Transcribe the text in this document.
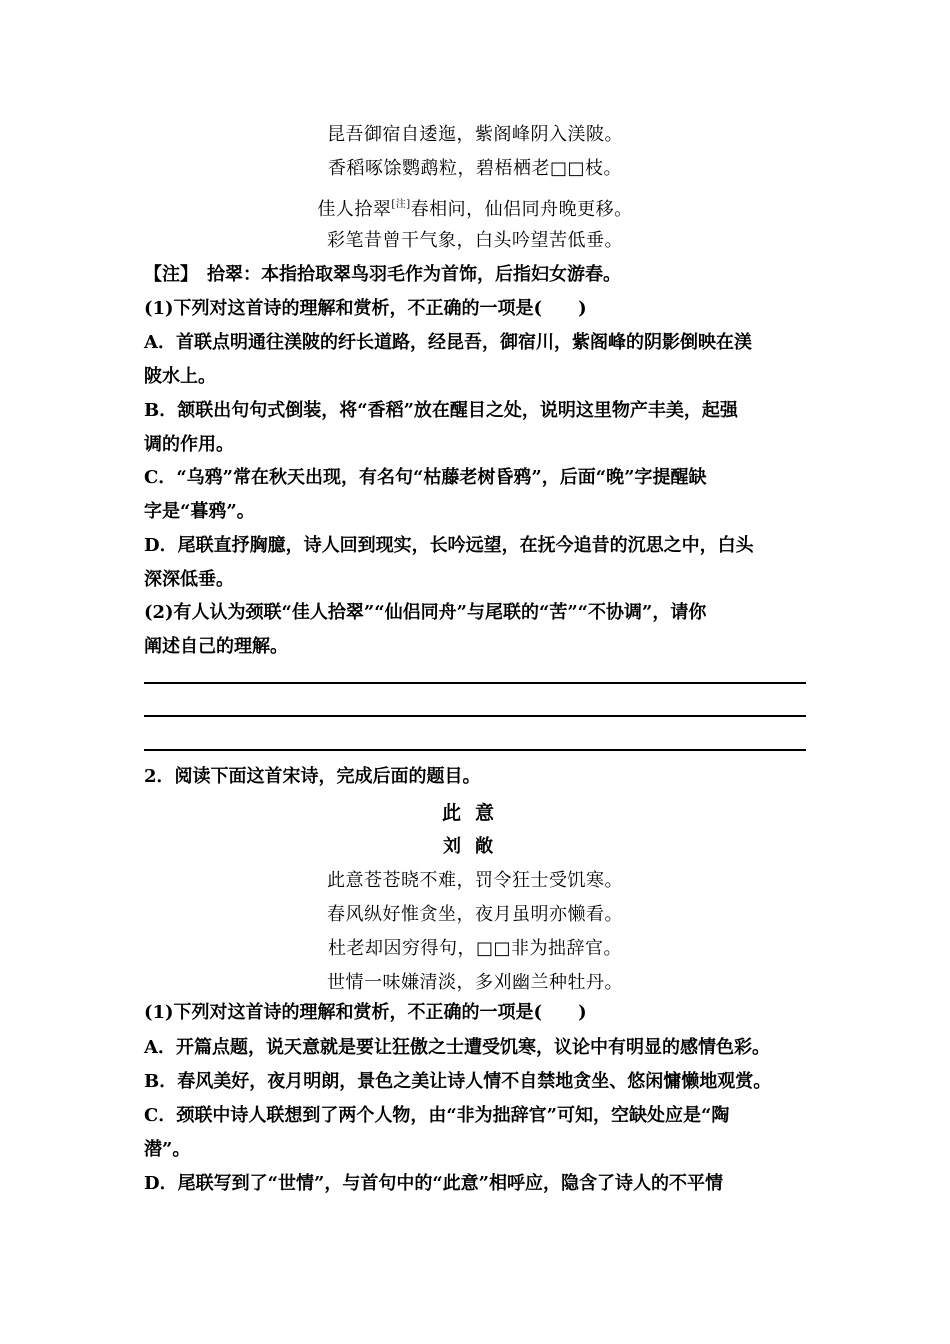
昆吾御宿自逶迤，紫阁峰阴入渼陂。
香稻啄馀鹦鹉粒，碧梧栖老□□枝。
佳人拾翠[注]春相问，仙侣同舟晚更移。
彩笔昔曾干气象，白头吟望苦低垂。
【注】　 拾翠：本指拾取翠鸟羽毛作为首饰，后指妇女游春。
(1)下列对这首诗的理解和赏析，不正确的一项是(　　)
A．首联点明通往渼陂的纡长道路，经昆吾，御宿川，紫阁峰的阴影倒映在渼
陂水上。
B．颔联出句句式倒装，将“香稻”放在醒目之处，说明这里物产丰美，起强
调的作用。
C．“乌鸦”常在秋天出现，有名句“枯藤老树昏鸦”，后面“晚”字提醒缺
字是“暮鸦”。
D．尾联直抒胸臆，诗人回到现实，长吟远望，在抚今追昔的沉思之中，白头
深深低垂。
(2)有人认为颈联“佳人拾翠”“仙侣同舟”与尾联的“苦”“不协调”，请你
阐述自己的理解。
2．阅读下面这首宋诗，完成后面的题目。
此意
刘敞
此意苍苍晓不难，罚令狂士受饥寒。
春风纵好惟贪坐，夜月虽明亦懒看。
杜老却因穷得句，□□非为拙辞官。
世情一味嫌清淡，多刈幽兰种牡丹。
(1)下列对这首诗的理解和赏析，不正确的一项是(　　)
A．开篇点题，说天意就是要让狂傲之士遭受饥寒，议论中有明显的感情色彩。
B．春风美好，夜月明朗，景色之美让诗人情不自禁地贪坐、悠闲慵懒地观赏。
C．颈联中诗人联想到了两个人物，由“非为拙辞官”可知，空缺处应是“陶
潜”。
D．尾联写到了“世情”，与首句中的“此意”相呼应，隐含了诗人的不平情
